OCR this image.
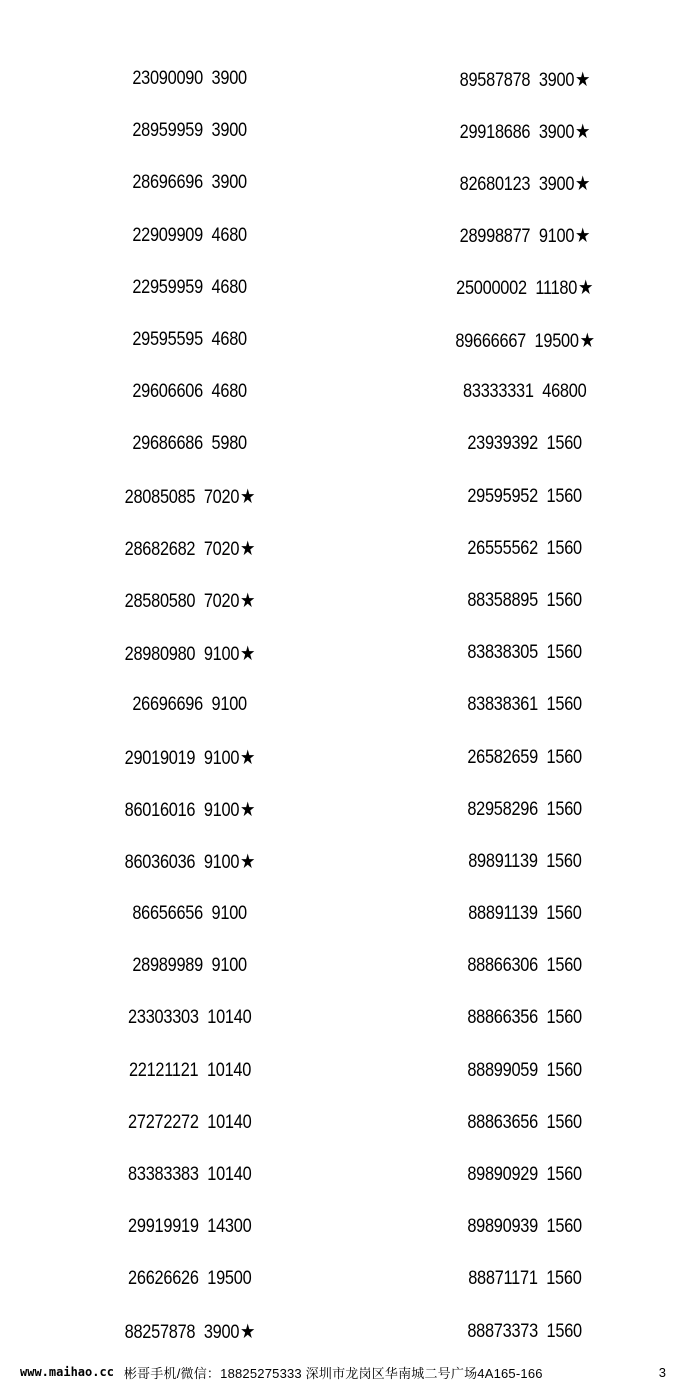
23090090 3900
28959959 3900
28696696 3900
22909909 4680
22959959 4680
29595595 4680
29606606 4680
29686686 5980
28085085 7020★
28682682 7020★
28580580 7020★
28980980 9100★
26696696 9100
29019019 9100★
86016016 9100★
86036036 9100★
86656656 9100
28989989 9100
23303303 10140
22121121 10140
27272272 10140
83383383 10140
29919919 14300
26626626 19500
88257878 3900★
89587878 3900★
29918686 3900★
82680123 3900★
28998877 9100★
25000002 11180★
89666667 19500★
83333331 46800
23939392 1560
29595952 1560
26555562 1560
88358895 1560
83838305 1560
83838361 1560
26582659 1560
82958296 1560
89891139 1560
88891139 1560
88866306 1560
88866356 1560
88899059 1560
88863656 1560
89890929 1560
89890939 1560
88871171 1560
88873373 1560
www.maihao.cc 彬哥手机/微信：18825275333 深圳市龙岗区华南城二号广场4A165-166	3
